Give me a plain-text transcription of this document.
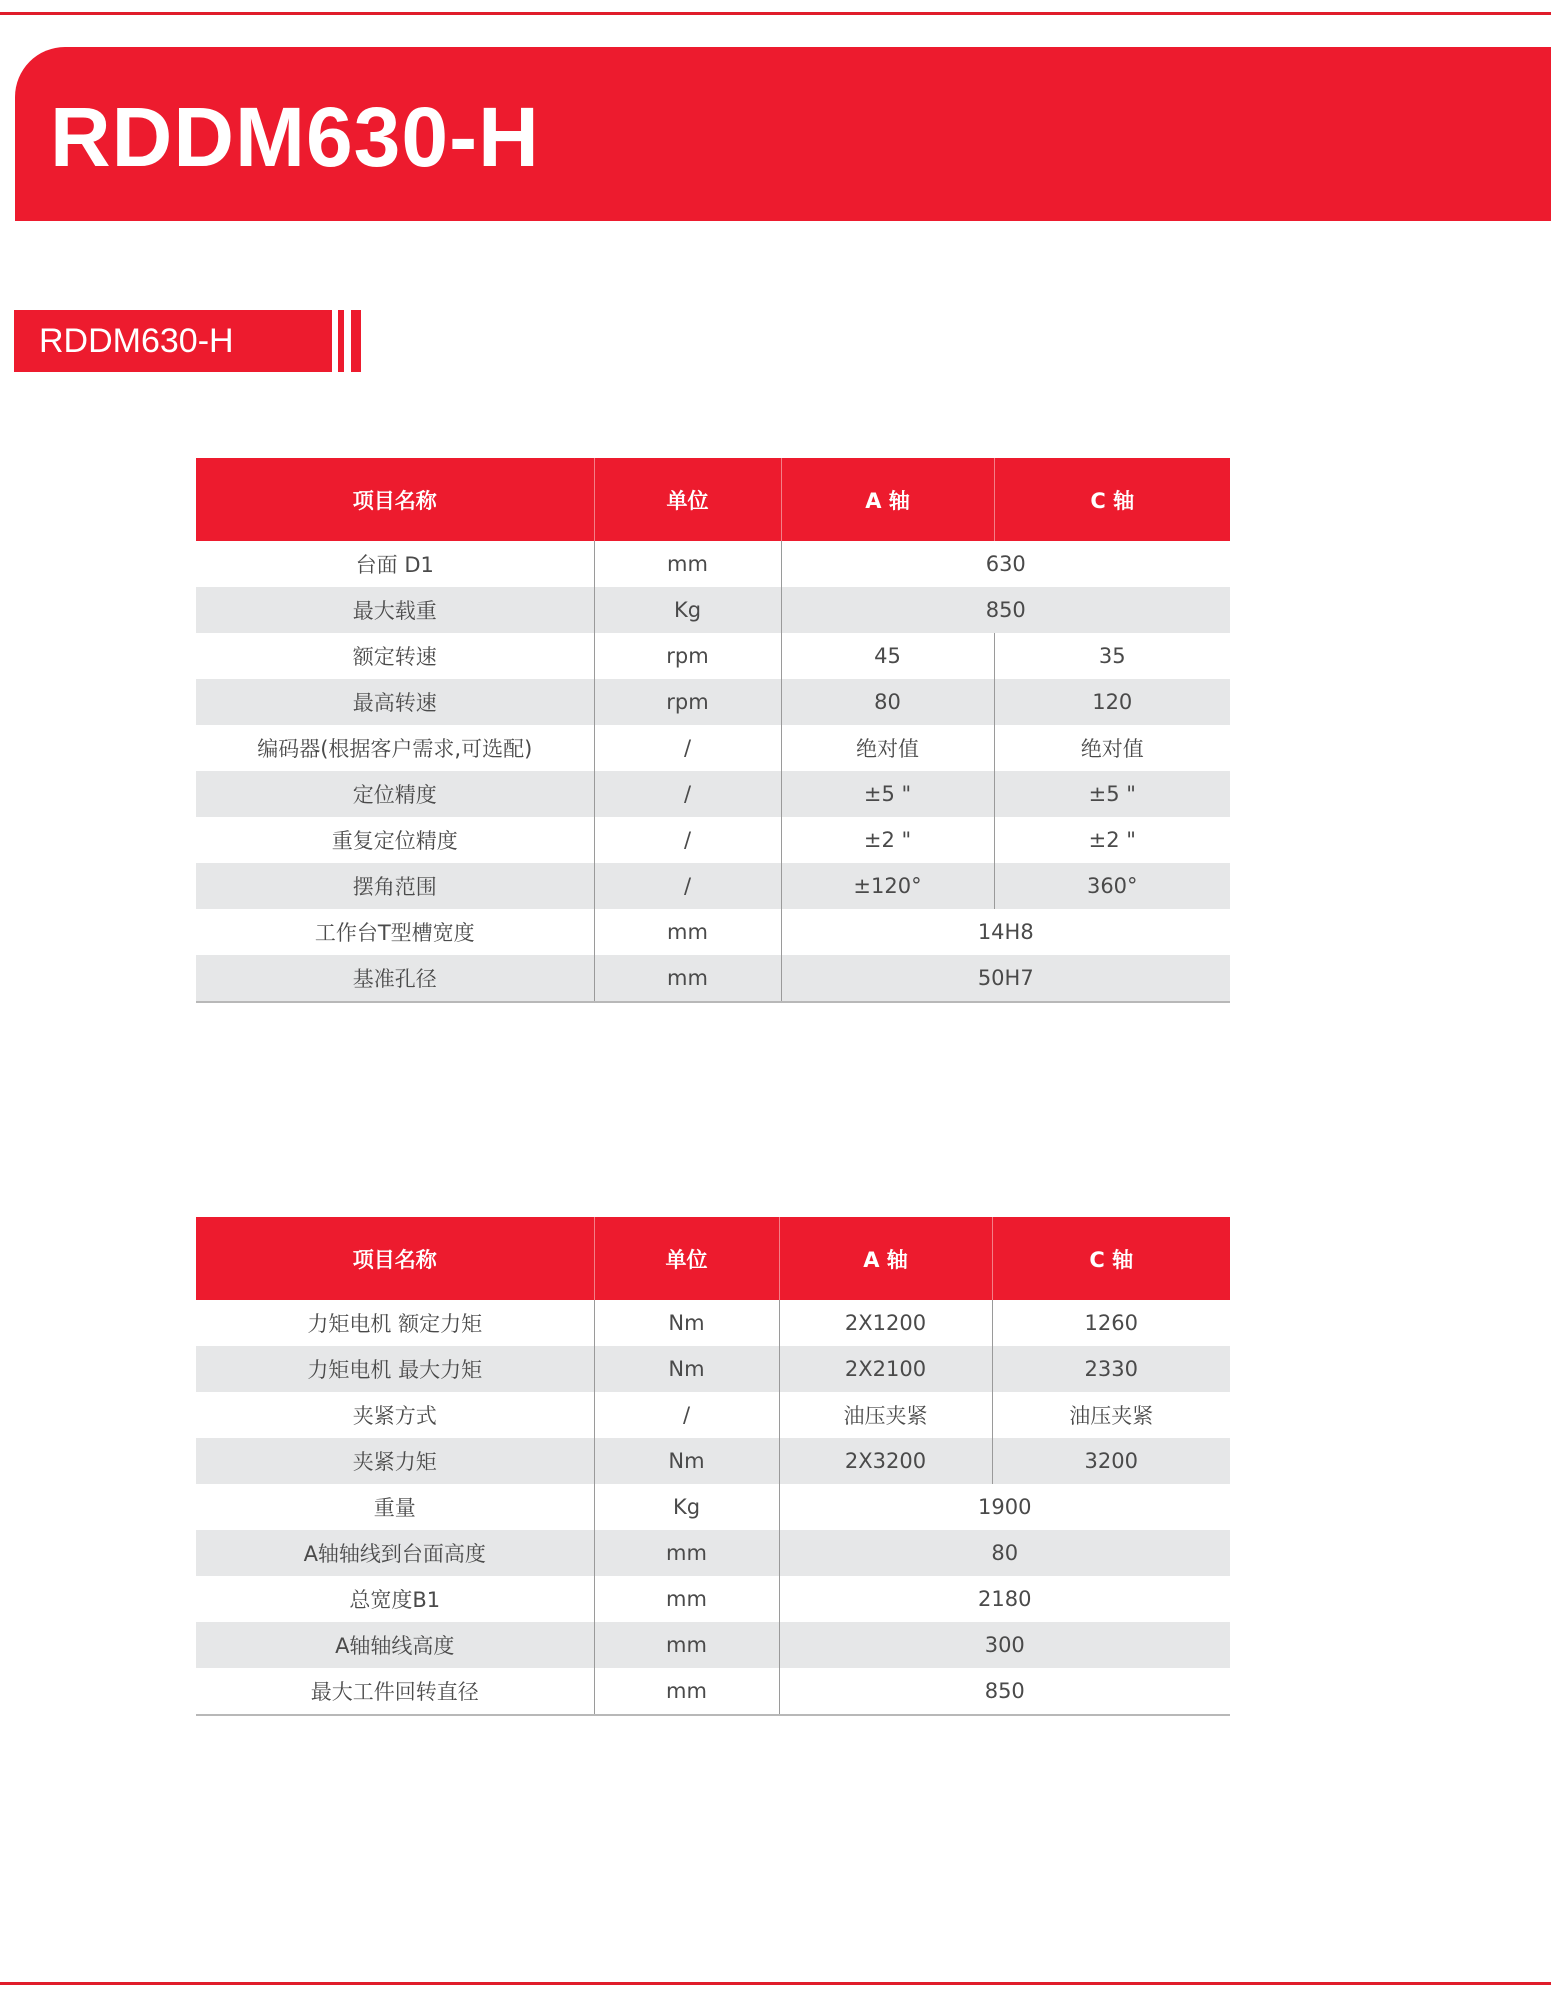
RDDM630-H
RDDM630-H
项目名称	单位	A 轴	C 轴
台面 D1	mm	630	
最大载重	Kg	850	
额定转速	rpm	45	35
最高转速	rpm	80	120
编码器(根据客户需求,可选配)	/	绝对值	绝对值
定位精度	/	±5 "	±5 "
重复定位精度	/	±2 "	±2 "
摆角范围	/	±120°	360°
工作台T型槽宽度	mm	14H8	
基准孔径	mm	50H7	
项目名称	单位	A 轴	C 轴
力矩电机 额定力矩	Nm	2X1200	1260
力矩电机 最大力矩	Nm	2X2100	2330
夹紧方式	/	油压夹紧	油压夹紧
夹紧力矩	Nm	2X3200	3200
重量	Kg	1900	
A轴轴线到台面高度	mm	80	
总宽度B1	mm	2180	
A轴轴线高度	mm	300	
最大工件回转直径	mm	850	
